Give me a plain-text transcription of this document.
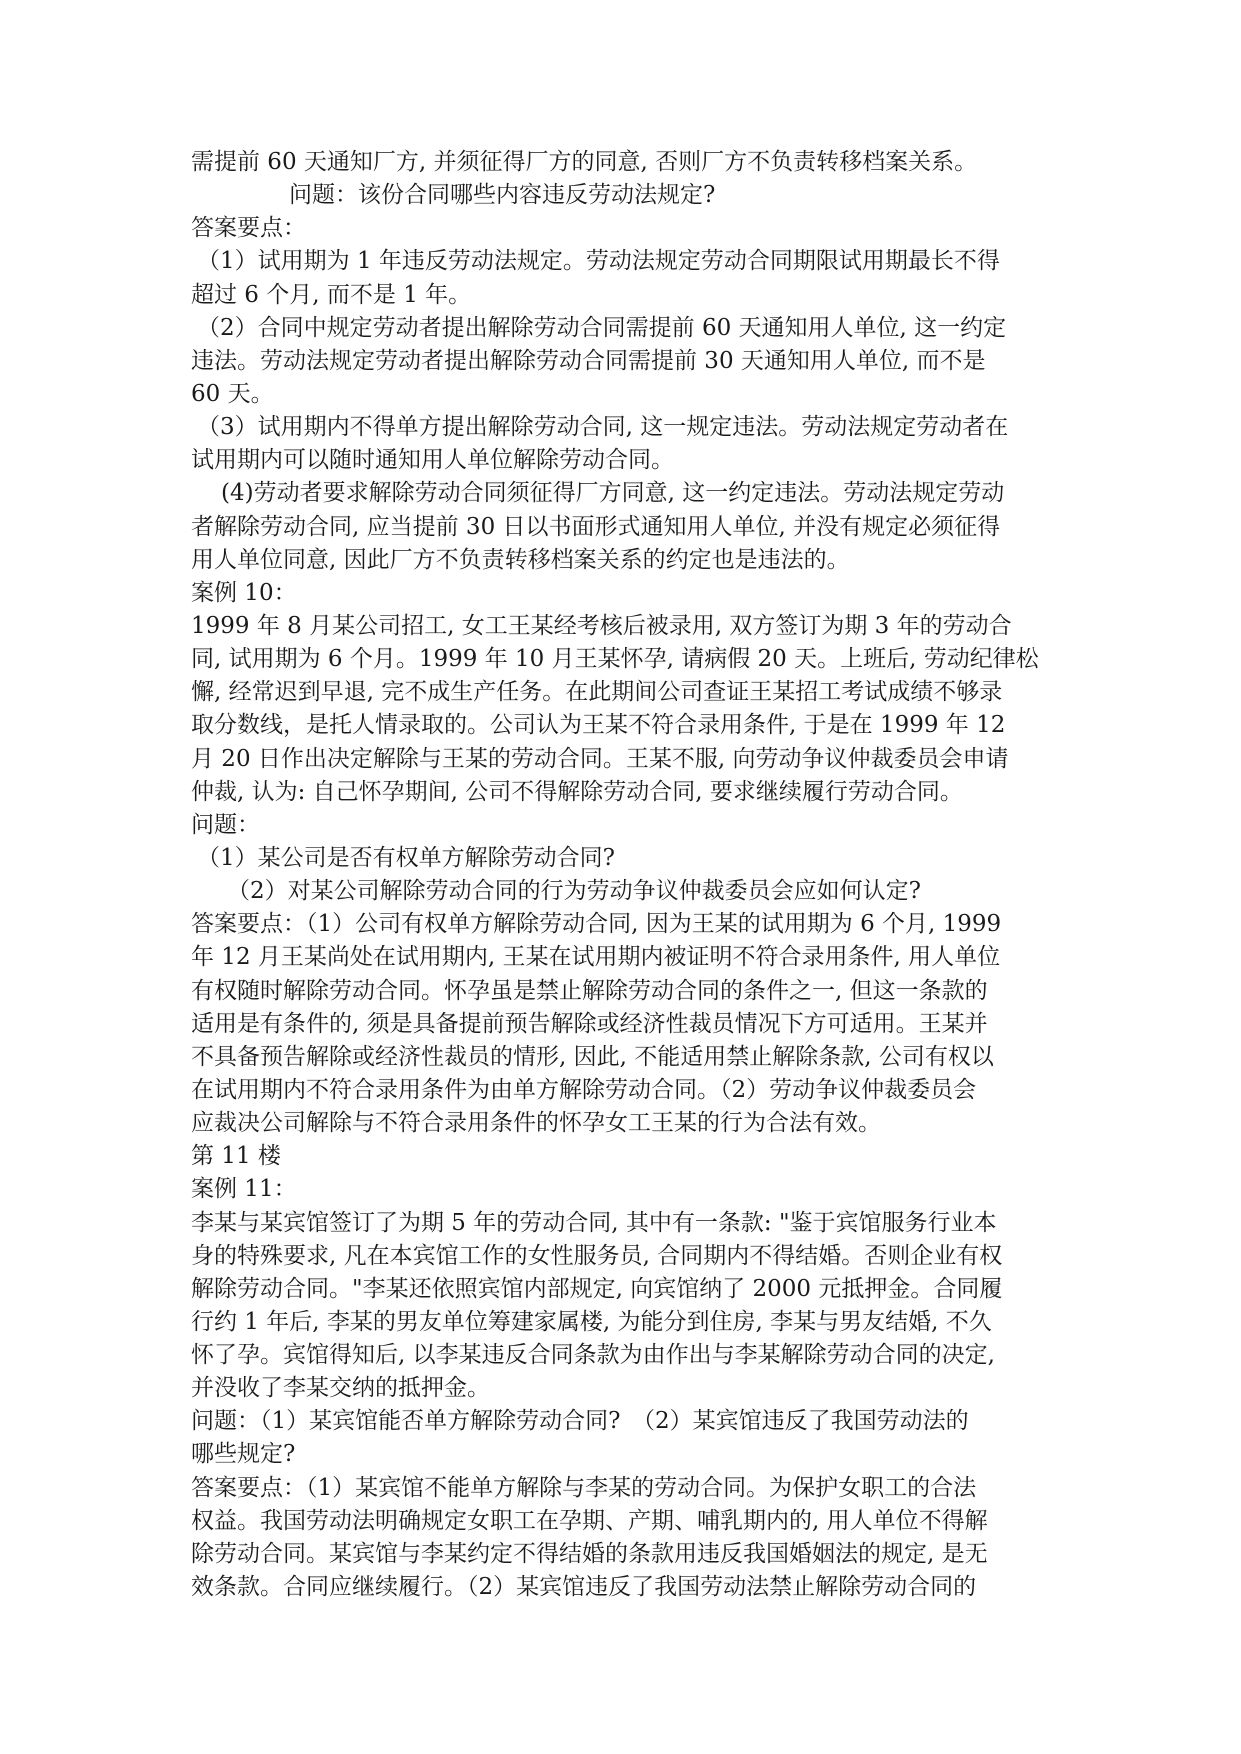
需提前 60 天通知厂方, 并须征得厂方的同意, 否则厂方不负责转移档案关系。
问题：该份合同哪些内容违反劳动法规定?
答案要点：
（1）试用期为 1 年违反劳动法规定。劳动法规定劳动合同期限试用期最长不得
超过 6 个月, 而不是 1 年。
（2）合同中规定劳动者提出解除劳动合同需提前 60 天通知用人单位, 这一约定
违法。劳动法规定劳动者提出解除劳动合同需提前 30 天通知用人单位, 而不是
60 天。
（3）试用期内不得单方提出解除劳动合同, 这一规定违法。劳动法规定劳动者在
试用期内可以随时通知用人单位解除劳动合同。
(4)劳动者要求解除劳动合同须征得厂方同意, 这一约定违法。劳动法规定劳动
者解除劳动合同, 应当提前 30 日以书面形式通知用人单位, 并没有规定必须征得
用人单位同意, 因此厂方不负责转移档案关系的约定也是违法的。
案例 10：
1999 年 8 月某公司招工, 女工王某经考核后被录用, 双方签订为期 3 年的劳动合
同, 试用期为 6 个月。1999 年 10 月王某怀孕, 请病假 20 天。上班后, 劳动纪律松
懈, 经常迟到早退, 完不成生产任务。在此期间公司查证王某招工考试成绩不够录
取分数线，是托人情录取的。公司认为王某不符合录用条件, 于是在 1999 年 12
月 20 日作出决定解除与王某的劳动合同。王某不服, 向劳动争议仲裁委员会申请
仲裁, 认为: 自己怀孕期间, 公司不得解除劳动合同, 要求继续履行劳动合同。
问题：
（1）某公司是否有权单方解除劳动合同?
（2）对某公司解除劳动合同的行为劳动争议仲裁委员会应如何认定?
答案要点：（1）公司有权单方解除劳动合同, 因为王某的试用期为 6 个月, 1999
年 12 月王某尚处在试用期内, 王某在试用期内被证明不符合录用条件, 用人单位
有权随时解除劳动合同。怀孕虽是禁止解除劳动合同的条件之一, 但这一条款的
适用是有条件的, 须是具备提前预告解除或经济性裁员情况下方可适用。王某并
不具备预告解除或经济性裁员的情形, 因此, 不能适用禁止解除条款, 公司有权以
在试用期内不符合录用条件为由单方解除劳动合同。（2）劳动争议仲裁委员会
应裁决公司解除与不符合录用条件的怀孕女工王某的行为合法有效。
第 11 楼
案例 11：
李某与某宾馆签订了为期 5 年的劳动合同, 其中有一条款: "鉴于宾馆服务行业本
身的特殊要求, 凡在本宾馆工作的女性服务员, 合同期内不得结婚。否则企业有权
解除劳动合同。"李某还依照宾馆内部规定, 向宾馆纳了 2000 元抵押金。合同履
行约 1 年后, 李某的男友单位筹建家属楼, 为能分到住房, 李某与男友结婚, 不久
怀了孕。宾馆得知后, 以李某违反合同条款为由作出与李某解除劳动合同的决定,
并没收了李某交纳的抵押金。
问题：（1）某宾馆能否单方解除劳动合同?　（2）某宾馆违反了我国劳动法的
哪些规定?
答案要点：（1）某宾馆不能单方解除与李某的劳动合同。为保护女职工的合法
权益。我国劳动法明确规定女职工在孕期、产期、哺乳期内的, 用人单位不得解
除劳动合同。某宾馆与李某约定不得结婚的条款用违反我国婚姻法的规定, 是无
效条款。合同应继续履行。（2）某宾馆违反了我国劳动法禁止解除劳动合同的
